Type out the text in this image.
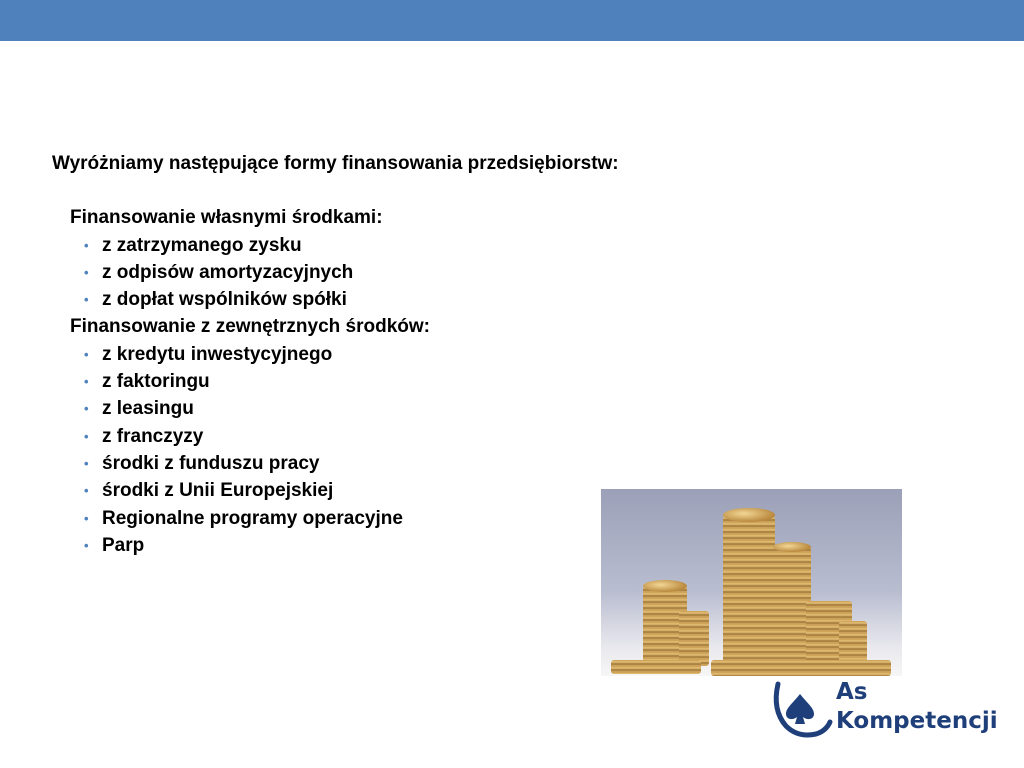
Wyróżniamy następujące formy finansowania przedsiębiorstw:
Finansowanie własnymi środkami:
• z zatrzymanego zysku
• z odpisów amortyzacyjnych
• z dopłat wspólników spółki
Finansowanie z zewnętrznych środków:
• z kredytu inwestycyjnego
• z faktoringu
• z leasingu
• z franczyzy
• środki z funduszu pracy
• środki z Unii Europejskiej
• Regionalne programy operacyjne
• Parp
As
Kompetencji
